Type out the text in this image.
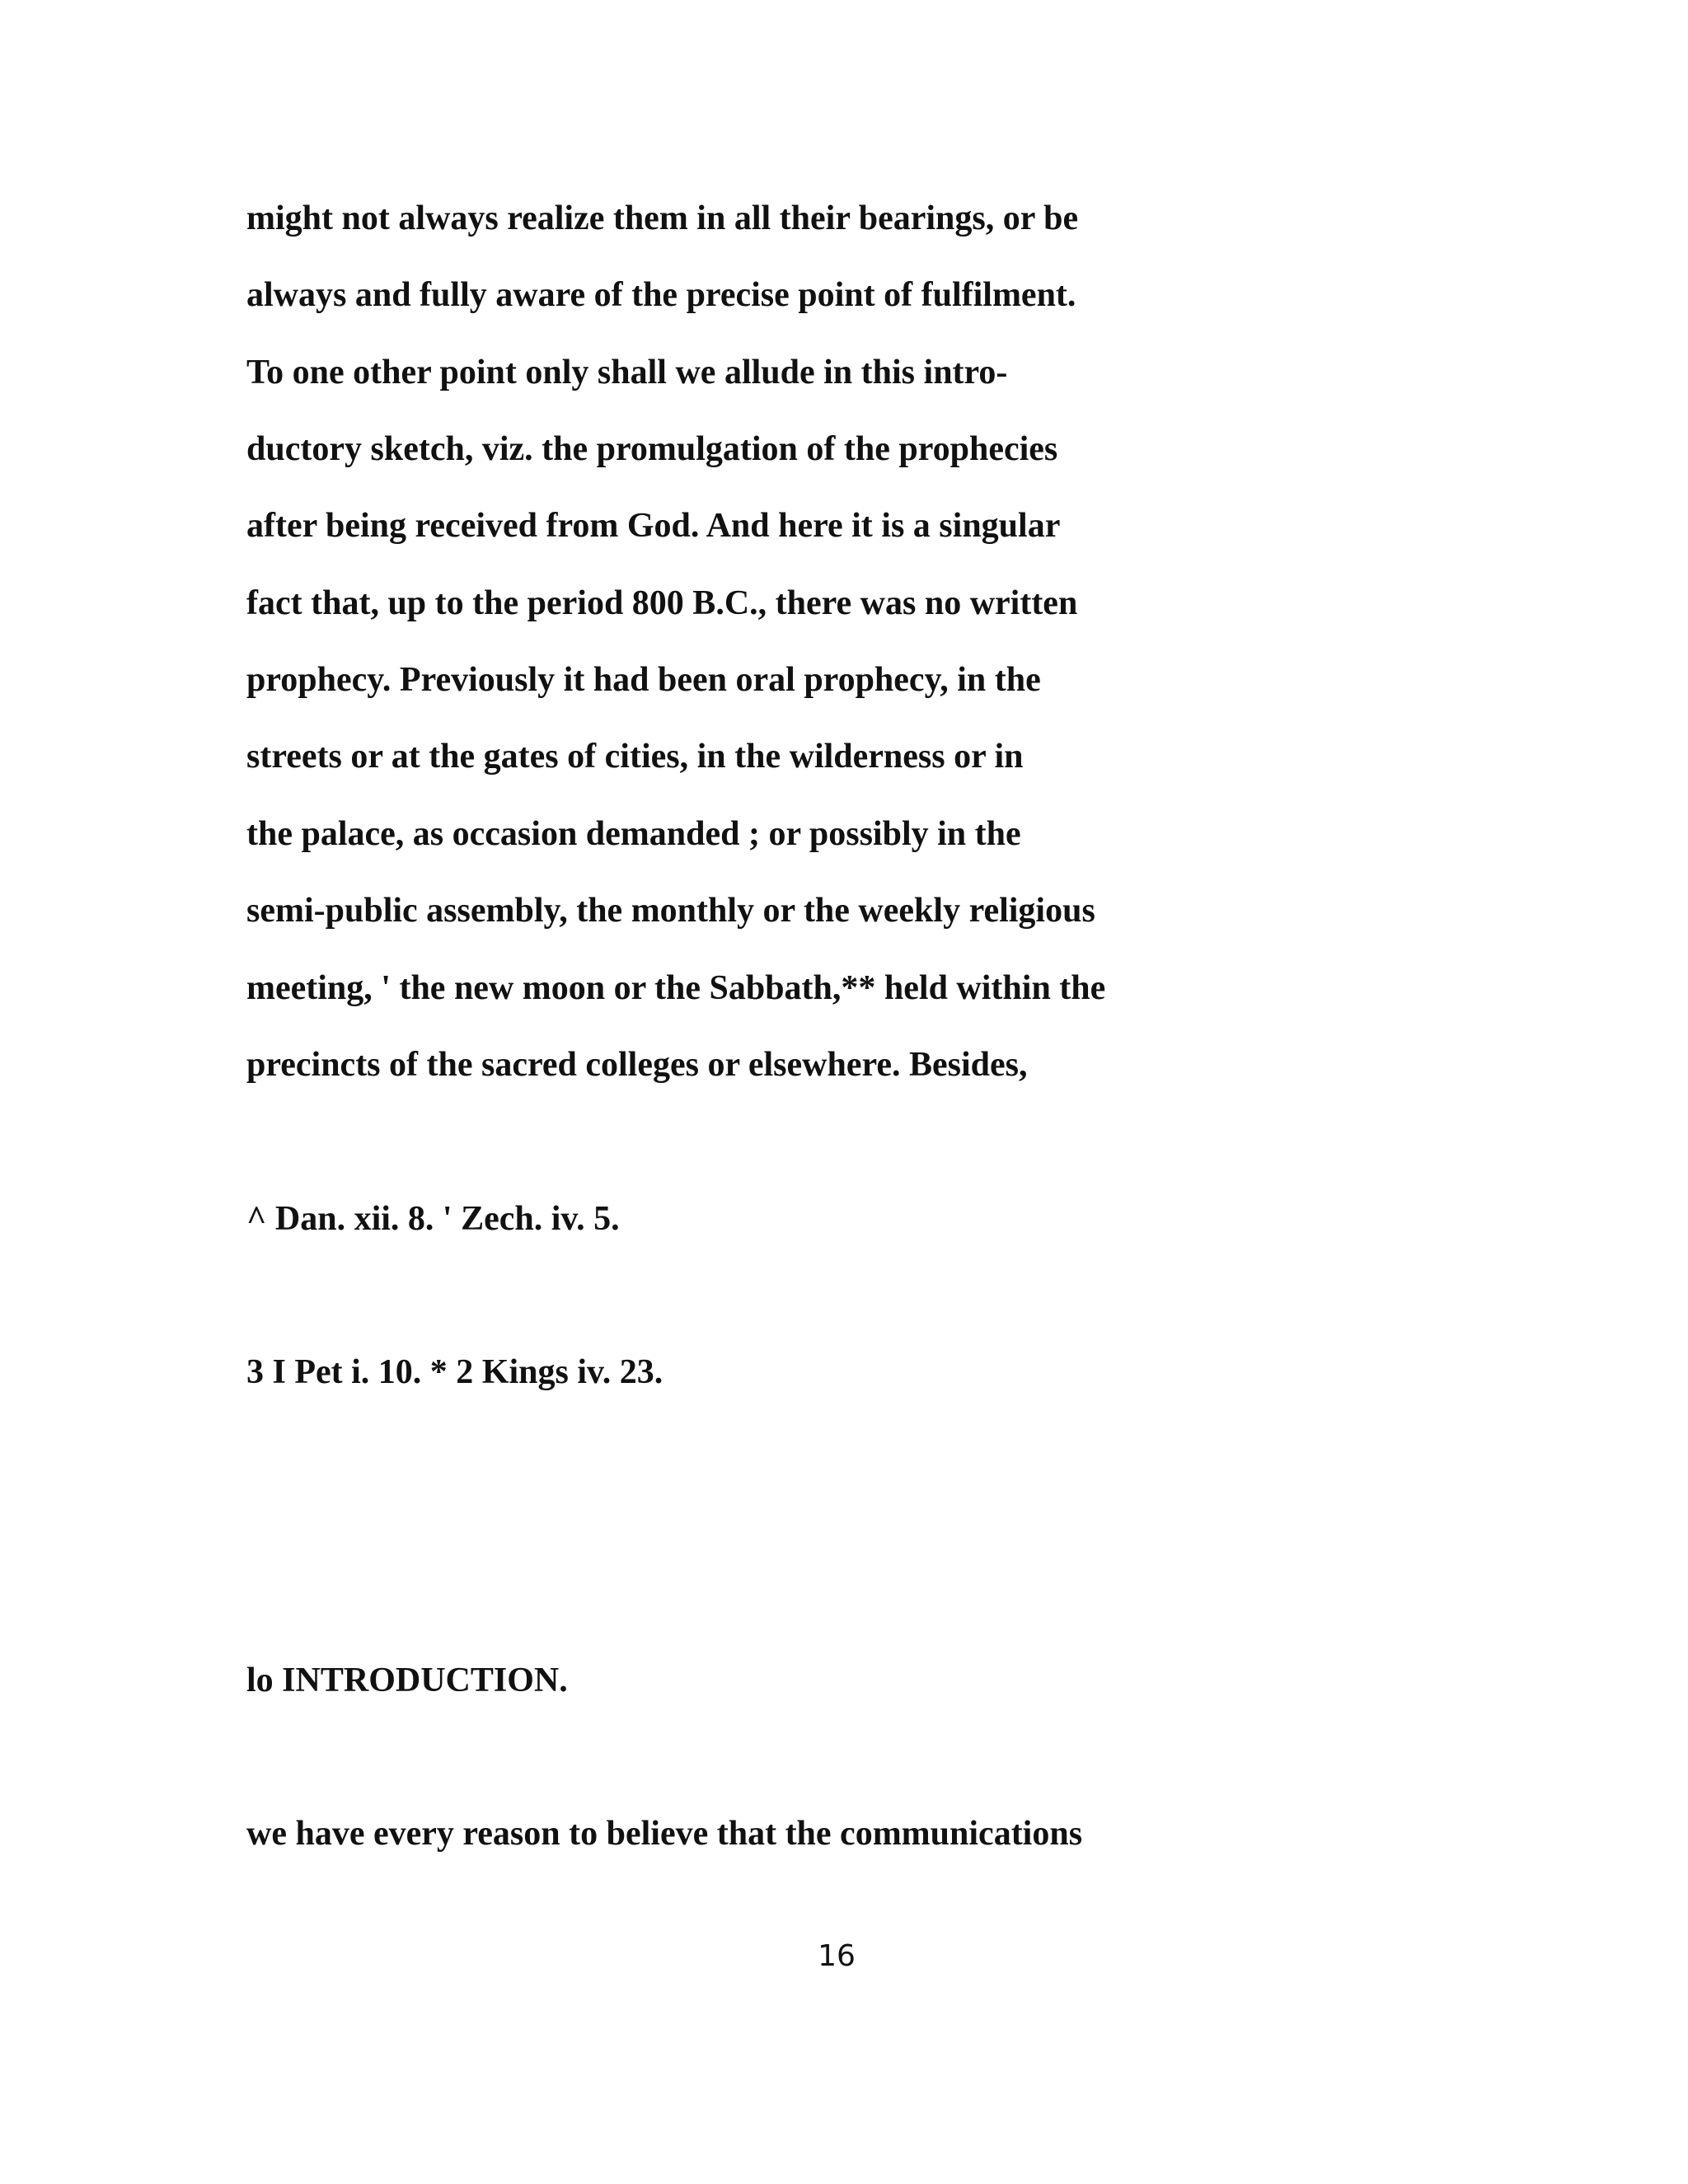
might not always realize them in all their bearings, or be
always and fully aware of the precise point of fulfilment.
To one other point only shall we allude in this intro-
ductory sketch, viz. the promulgation of the prophecies
after being received from God. And here it is a singular
fact that, up to the period 800 B.C., there was no written
prophecy. Previously it had been oral prophecy, in the
streets or at the gates of cities, in the wilderness or in
the palace, as occasion demanded ; or possibly in the
semi-public assembly, the monthly or the weekly religious
meeting, ' the new moon or the Sabbath,** held within the
precincts of the sacred colleges or elsewhere. Besides,
^ Dan. xii. 8. ' Zech. iv. 5.
3 I Pet i. 10. * 2 Kings iv. 23.
lo INTRODUCTION.
we have every reason to believe that the communications
16
